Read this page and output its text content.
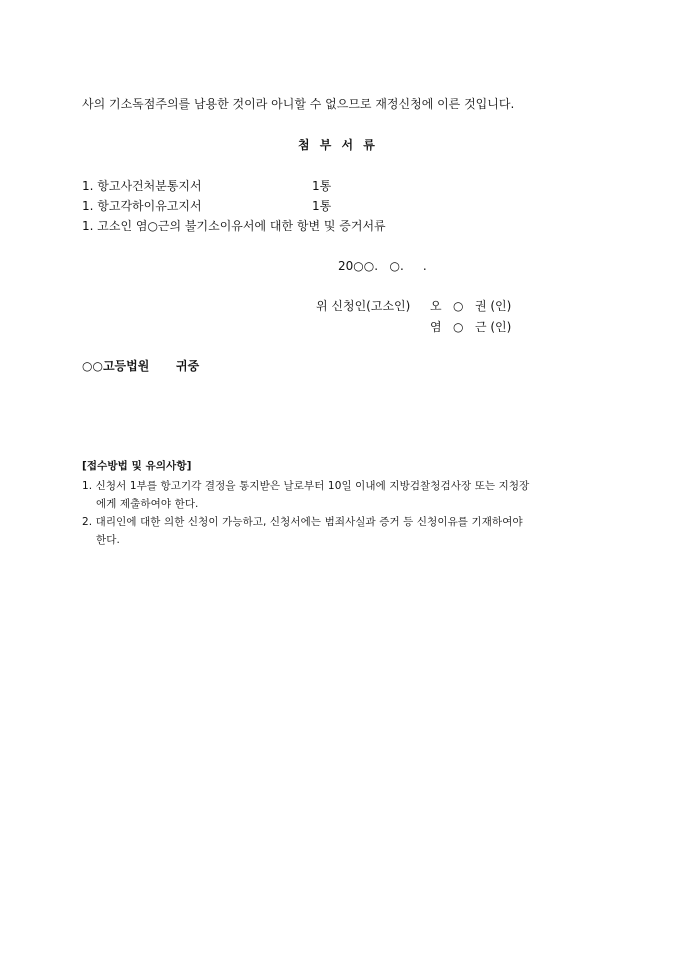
사의 기소독점주의를 남용한 것이라 아니할 수 없으므로 재정신청에 이른 것입니다.
첨 부 서 류
1. 항고사건처분통지서	1통
1. 항고각하이유고지서	1통
1. 고소인 염○근의 불기소이유서에 대한 항변 및 증거서류
20○○.   ○.     .
위 신청인(고소인) 오   ○   권 (인)
염   ○   근 (인)
○○고등법원 귀중
[접수방법 및 유의사항]
1. 신청서 1부를 항고기각 결정을 통지받은 날로부터 10일 이내에 지방검찰청검사장 또는 지청장
에게 제출하여야 한다.
2. 대리인에 대한 의한 신청이 가능하고, 신청서에는 범죄사실과 증거 등 신청이유를 기재하여야
한다.
